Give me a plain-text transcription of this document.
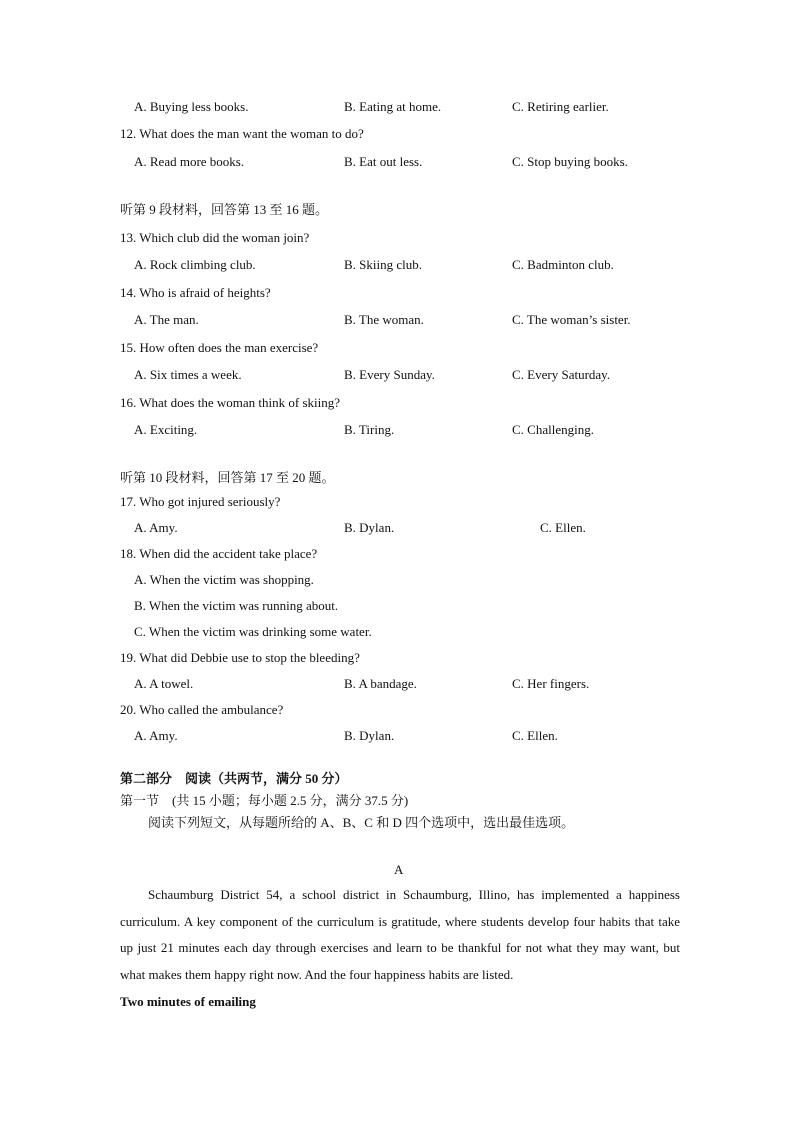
A. Buying less books.	B. Eating at home.	C. Retiring earlier.
12. What does the man want the woman to do?
A. Read more books.	B. Eat out less.	C. Stop buying books.
听第 9 段材料，回答第 13 至 16 题。
13. Which club did the woman join?
A. Rock climbing club.	B. Skiing club.	C. Badminton club.
14. Who is afraid of heights?
A. The man.	B. The woman.	C. The woman’s sister.
15. How often does the man exercise?
A. Six times a week.	B. Every Sunday.	C. Every Saturday.
16. What does the woman think of skiing?
A. Exciting.	B. Tiring.	C. Challenging.
听第 10 段材料，回答第 17 至 20 题。
17. Who got injured seriously?
A. Amy.	B. Dylan.	C. Ellen.
18. When did the accident take place?
A. When the victim was shopping.
B. When the victim was running about.
C. When the victim was drinking some water.
19. What did Debbie use to stop the bleeding?
A. A towel.	B. A bandage.	C. Her fingers.
20. Who called the ambulance?
A. Amy.	B. Dylan.	C. Ellen.
第二部分　阅读（共两节，满分 50 分）
第一节　(共 15 小题；每小题 2.5 分，满分 37.5 分)
阅读下列短文，从每题所给的 A、B、C 和 D 四个选项中，选出最佳选项。
A
Schaumburg District 54, a school district in Schaumburg, Illino, has implemented a happiness curriculum. A key component of the curriculum is gratitude, where students develop four habits that take up just 21 minutes each day through exercises and learn to be thankful for not what they may want, but what makes them happy right now. And the four happiness habits are listed.
Two minutes of emailing
